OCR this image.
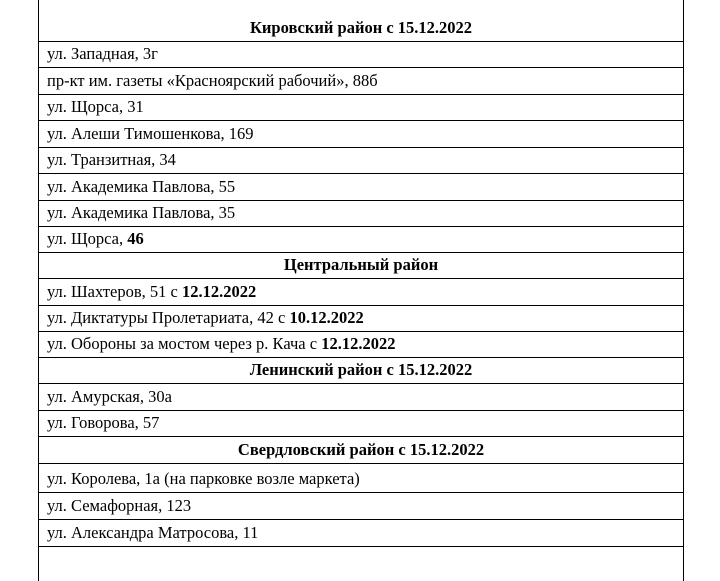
Кировский район с 15.12.2022
ул. Западная, 3г
пр-кт им. газеты «Красноярский рабочий», 88б
ул. Щорса, 31
ул. Алеши Тимошенкова, 169
ул. Транзитная, 34
ул. Академика Павлова, 55
ул. Академика Павлова, 35
ул. Щорса, 46
Центральный район
ул. Шахтеров, 51 с 12.12.2022
ул. Диктатуры Пролетариата, 42 с 10.12.2022
ул. Обороны за мостом через р. Кача с 12.12.2022
Ленинский район с 15.12.2022
ул. Амурская, 30а
ул. Говорова, 57
Свердловский район с 15.12.2022
ул. Королева, 1а (на парковке возле маркета)
ул. Семафорная, 123
ул. Александра Матросова, 11
